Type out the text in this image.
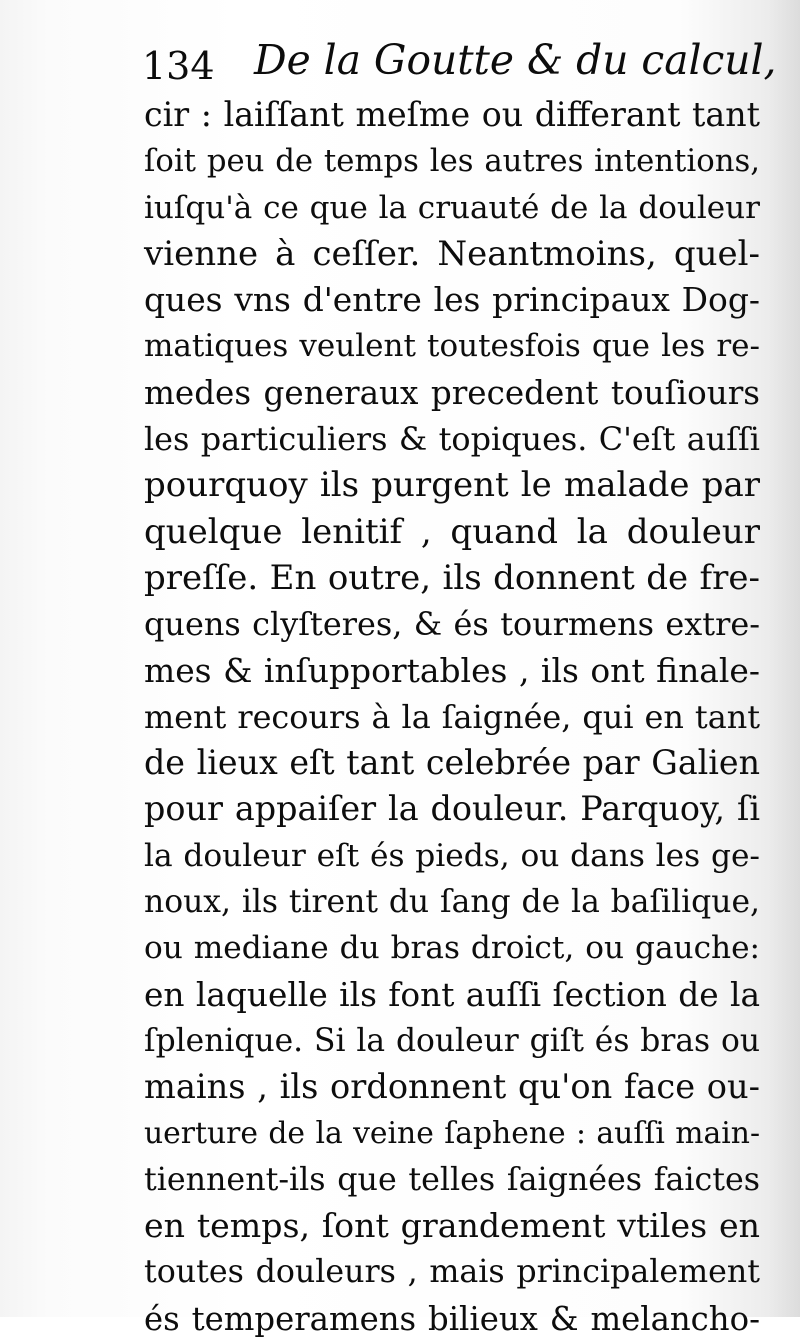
134 De la Goutte & du calcul,
cir : laiſſant meſme ou differant tant
ſoit peu de temps les autres intentions,
iuſqu'à ce que la cruauté de la douleur
vienne à ceſſer. Neantmoins, quel-
ques vns d'entre les principaux Dog-
matiques veulent toutesfois que les re-
medes generaux precedent touſiours
les particuliers & topiques. C'eſt auſſi
pourquoy ils purgent le malade par
quelque lenitif , quand la douleur
preſſe. En outre, ils donnent de fre-
quens clyſteres, & és tourmens extre-
mes & inſupportables , ils ont finale-
ment recours à la ſaignée, qui en tant
de lieux eſt tant celebrée par Galien
pour appaiſer la douleur. Parquoy, ſi
la douleur eſt és pieds, ou dans les ge-
noux, ils tirent du ſang de la baſilique,
ou mediane du bras droict, ou gauche:
en laquelle ils font auſſi ſection de la
ſplenique. Si la douleur giſt és bras ou
mains , ils ordonnent qu'on face ou-
uerture de la veine ſaphene : auſſi main-
tiennent-ils que telles ſaignées faictes
en temps, ſont grandement vtiles en
toutes douleurs , mais principalement
és temperamens bilieux & melancho-
